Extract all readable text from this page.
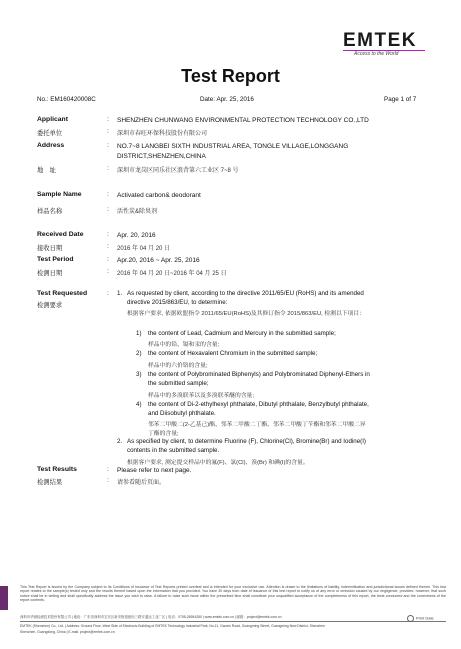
EMTEK
Access to the World
Test Report
No.: EM160420008C	Date: Apr. 25, 2016	Page 1 of 7
Applicant	: SHENZHEN CHUNWANG ENVIRONMENTAL PROTECTION TECHNOLOGY CO.,LTD
委托单位	: 深圳市春旺环保科技股份有限公司
Address	: NO.7~8 LANGBEI SIXTH INDUSTRIAL AREA, TONGLE VILLAGE,LONGGANG
DISTRICT,SHENZHEN,CHINA
地　址	: 深圳市龙岗区同乐社区浪背第六工业区 7~8 号
Sample Name	: Activated carbon& deodorant
样品名称	: 活性炭&除臭剂
Received Date	: Apr. 20, 2016
接收日期	: 2016 年 04 月 20 日
Test Period	: Apr.20, 2016 ~ Apr. 25, 2016
检测日期	: 2016 年 04 月 20 日~2016 年 04 月 25 日
Test Requested
检测要求
: 1. As requested by client, according to the directive 2011/65/EU (RoHS) and its amended
directive 2015/863/EU, to determine:
根据客户要求, 依据欧盟指令 2011/65/EU(RoHS)及其修订指令 2015/863/EU, 检测以下项目：
1) the content of Lead, Cadmium and Mercury in the submitted sample;
样品中的铅、镉和汞的含量;
2) the content of Hexavalent Chromium in the submitted sample;
样品中的六价铬的含量;
3) the content of Polybrominated Biphenyls) and Polybrominated Diphenyl-Ethers in
the submitted sample;
样品中的多溴联苯以及多溴联苯醚的含量;
4) the content of Di-2-ethylhexyl phthalate, Dibutyl phthalate, Benzylbutyl phthalate,
and Diisobutyl phthalate.
邻苯二甲酸二(2-乙基己)酯、邻苯二甲酸二丁酯、邻苯二甲酸丁苄酯和邻苯二甲酸二异
丁酯的含量;
2. As specified by client, to determine Fluorine (F), Chlorine(Cl), Bromine(Br) and Iodine(I)
contents in the submitted sample.
根据客户要求, 测定提交样品中的氟(F)、氯(Cl)、溴(Br) 和碘(I)的含量。
Test Results	: Please refer to next page.
检测结果	: 请参看随后页面。
This Test Report is issued by the Company subject to its Conditions of Issuance of Test Reports printed overleaf and is intended for your exclusive use. Attention is drawn to the limitations of liability, indemnification and jurisdictional issues defined therein. This test report relates to the sample(s) tested only and the results thereof based upon the information that you provided. You have 30 days from date of issuance of this test report to notify us of any error or omission caused by our negligence; provided, however, that such notice shall be in writing and shall specifically address the issue you wish to raise. A failure to raise such issue within the prescribed time shall constitute your unqualified acceptance of the completeness of this report, the tests conducted and the correctness of the report contents.
深圳市华测检测技术股份有限公司 | 地址：广东省深圳市宝安区新安街道留仙三路安通达工业厂区 | 电话：0755-26954280 | www.emtek.com.cn | 邮箱：project@emtek.com.cn
EMTEK (Shenzhen) Co., Ltd. | Address: Ground Floor, West Side of Electronic Building of EMTEK Technology Industrial Park, No.11, Gaoxin Road, Guangming Street, Guangming New District, Shenzhen
Shenzhen, Guangdong, China | E-mail: project@emtek.com.cn
Print Date
